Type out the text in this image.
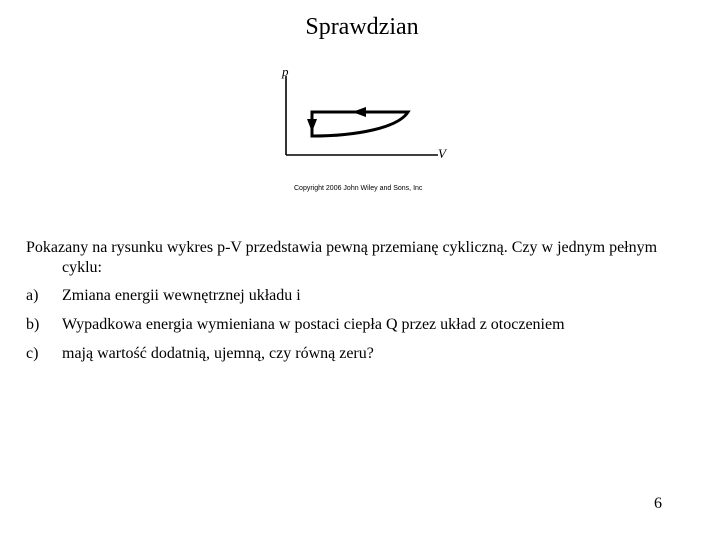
Sprawdzian
p
V
Copyright 2006 John Wiley and Sons, Inc
Pokazany na rysunku wykres p-V przedstawia pewną przemianę cykliczną. Czy w jednym pełnym cyklu:
a) Zmiana energii wewnętrznej układu i
b) Wypadkowa energia wymieniana w postaci ciepła Q przez układ z otoczeniem
c) mają wartość dodatnią, ujemną, czy równą zeru?
6
